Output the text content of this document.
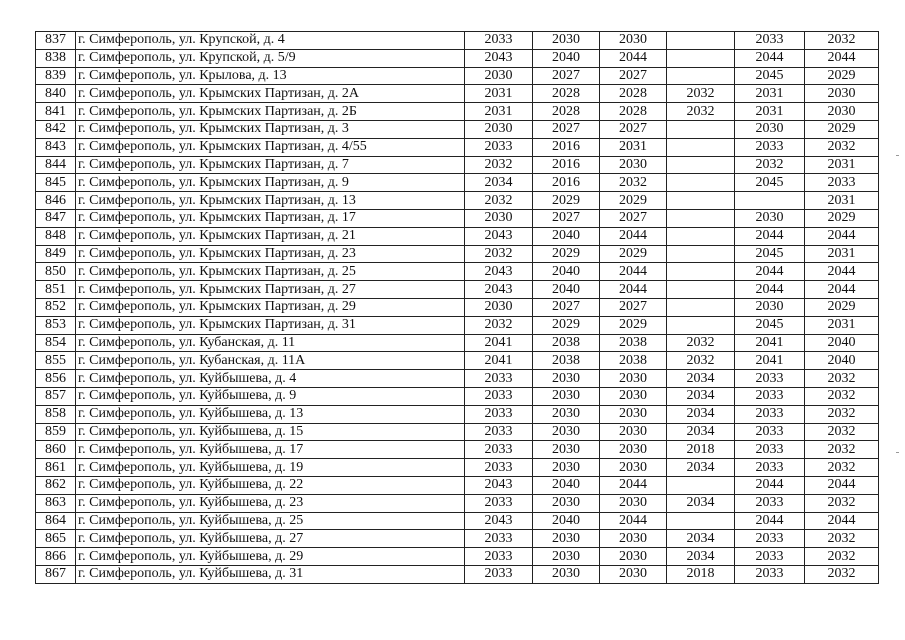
837	г. Симферополь, ул. Крупской, д. 4	2033	2030	2030		2033	2032
838	г. Симферополь, ул. Крупской, д. 5/9	2043	2040	2044		2044	2044
839	г. Симферополь, ул. Крылова, д. 13	2030	2027	2027		2045	2029
840	г. Симферополь, ул. Крымских Партизан, д. 2А	2031	2028	2028	2032	2031	2030
841	г. Симферополь, ул. Крымских Партизан, д. 2Б	2031	2028	2028	2032	2031	2030
842	г. Симферополь, ул. Крымских Партизан, д. 3	2030	2027	2027		2030	2029
843	г. Симферополь, ул. Крымских Партизан, д. 4/55	2033	2016	2031		2033	2032
844	г. Симферополь, ул. Крымских Партизан, д. 7	2032	2016	2030		2032	2031
845	г. Симферополь, ул. Крымских Партизан, д. 9	2034	2016	2032		2045	2033
846	г. Симферополь, ул. Крымских Партизан, д. 13	2032	2029	2029			2031
847	г. Симферополь, ул. Крымских Партизан, д. 17	2030	2027	2027		2030	2029
848	г. Симферополь, ул. Крымских Партизан, д. 21	2043	2040	2044		2044	2044
849	г. Симферополь, ул. Крымских Партизан, д. 23	2032	2029	2029		2045	2031
850	г. Симферополь, ул. Крымских Партизан, д. 25	2043	2040	2044		2044	2044
851	г. Симферополь, ул. Крымских Партизан, д. 27	2043	2040	2044		2044	2044
852	г. Симферополь, ул. Крымских Партизан, д. 29	2030	2027	2027		2030	2029
853	г. Симферополь, ул. Крымских Партизан, д. 31	2032	2029	2029		2045	2031
854	г. Симферополь, ул. Кубанская, д. 11	2041	2038	2038	2032	2041	2040
855	г. Симферополь, ул. Кубанская, д. 11А	2041	2038	2038	2032	2041	2040
856	г. Симферополь, ул. Куйбышева, д. 4	2033	2030	2030	2034	2033	2032
857	г. Симферополь, ул. Куйбышева, д. 9	2033	2030	2030	2034	2033	2032
858	г. Симферополь, ул. Куйбышева, д. 13	2033	2030	2030	2034	2033	2032
859	г. Симферополь, ул. Куйбышева, д. 15	2033	2030	2030	2034	2033	2032
860	г. Симферополь, ул. Куйбышева, д. 17	2033	2030	2030	2018	2033	2032
861	г. Симферополь, ул. Куйбышева, д. 19	2033	2030	2030	2034	2033	2032
862	г. Симферополь, ул. Куйбышева, д. 22	2043	2040	2044		2044	2044
863	г. Симферополь, ул. Куйбышева, д. 23	2033	2030	2030	2034	2033	2032
864	г. Симферополь, ул. Куйбышева, д. 25	2043	2040	2044		2044	2044
865	г. Симферополь, ул. Куйбышева, д. 27	2033	2030	2030	2034	2033	2032
866	г. Симферополь, ул. Куйбышева, д. 29	2033	2030	2030	2034	2033	2032
867	г. Симферополь, ул. Куйбышева, д. 31	2033	2030	2030	2018	2033	2032
